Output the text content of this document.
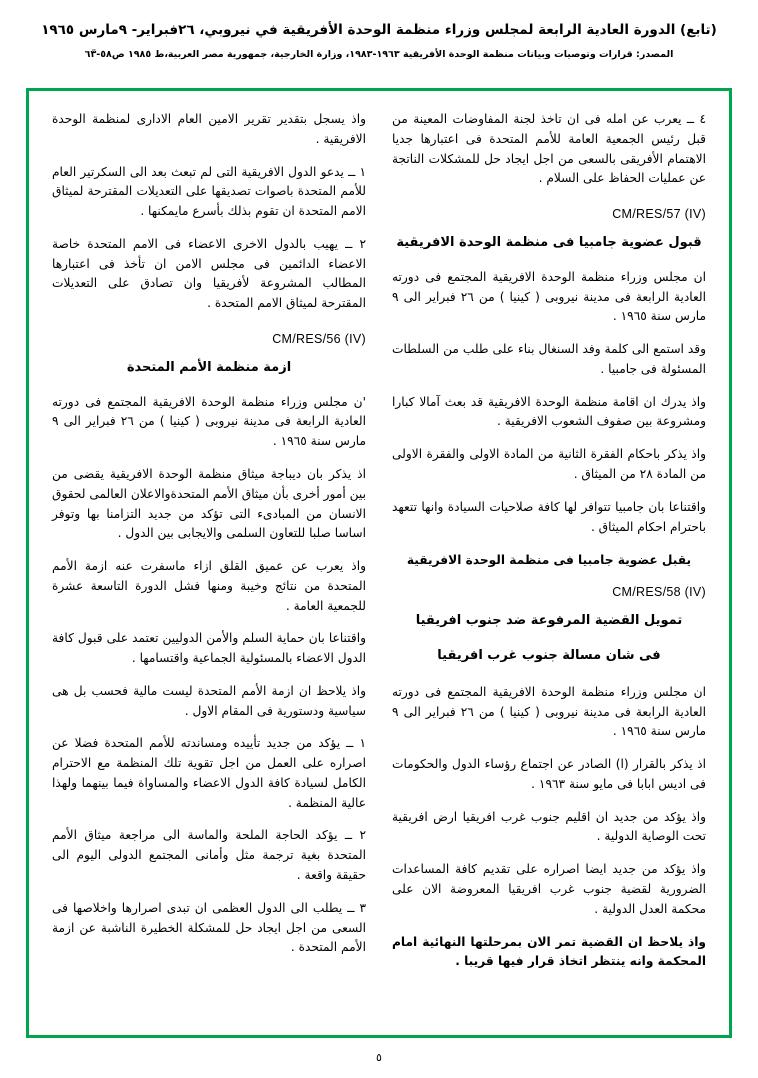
(تابع) الدورة العادية الرابعة لمجلس وزراء منظمة الوحدة الأفريقية في نيروبي، ٢٦فبراير- ٩مارس ١٩٦٥
المصدر: قرارات وتوصيات وبيانات منظمة الوحدة الأفريقية ١٩٦٣-١٩٨٣، وزارة الخارجية، جمهورية مصر العربية،ط ١٩٨٥ ص٥٨-٦٣̈

٤ ــ يعرب عن امله فى ان تاخذ لجنة المفاوضات المعينة من قبل رئيس الجمعية العامة للأمم المتحدة فى اعتبارها جديا الاهتمام الأفريقى بالسعى من اجل ايجاد حل للمشكلات الناتجة عن عمليات الحفاظ على السلام .

CM/RES/57 (IV)
قبول عضوية جامبيا فى منظمة الوحدة الافريقية

ان مجلس وزراء منظمة الوحدة الافريقية المجتمع فى دورته العادية الرابعة فى مدينة نيروبى ( كينيا ) من ٢٦ فبراير الى ٩ مارس سنة ١٩٦٥ .

وقد استمع الى كلمة وفد السنغال بناء على طلب من السلطات المسئولة فى جامبيا .

واذ يدرك ان اقامة منظمة الوحدة الافريقية قد بعث آمالا كبارا ومشروعة بين صفوف الشعوب الافريقية .

واذ يذكر باحكام الفقرة الثانية من المادة الاولى والفقرة الاولى من المادة ٢٨ من الميثاق .

واقتناعا بان جامبيا تتوافر لها كافة صلاحيات السيادة وانها تتعهد باحترام احكام الميثاق .

يقبل عضوية جامبيا فى منظمة الوحدة الافريقية
CM/RES/58 (IV)
تمويل القضية المرفوعة ضد جنوب افريقيا
فى شان مسالة جنوب غرب افريقيا

ان مجلس وزراء منظمة الوحدة الافريقية المجتمع فى دورته العادية الرابعة فى مدينة نيروبى ( كينيا ) من ٢٦ فبراير الى ٩ مارس سنة ١٩٦٥ .

اذ يذكر بالقرار (ا) الصادر عن اجتماع رؤساء الدول والحكومات فى اديس ابابا فى مايو سنة ١٩٦٣ .

واذ يؤكد من جديد ان اقليم جنوب غرب افريقيا ارض افريقية تحت الوصاية الدولية .

واذ يؤكد من جديد ايضا اصراره على تقديم كافة المساعدات الضرورية لقضية جنوب غرب افريقيا المعروضة الان على محكمة العدل الدولية .

واذ يلاحظ ان القضية تمر الان بمرحلتها النهائية امام المحكمة وانه ينتظر اتخاذ قرار فيها قريبا .

واذ يسجل بتقدير تقرير الامين العام الادارى لمنظمة الوحدة الافريقية .

١ ــ يدعو الدول الافريقية التى لم تبعث بعد الى السكرتير العام للأمم المتحدة باصوات تصديقها على التعديلات المقترحة لميثاق الامم المتحدة ان تقوم بذلك بأسرع مايمكنها .

٢ ــ يهيب بالدول الاخرى الاعضاء فى الامم المتحدة خاصة الاعضاء الدائمين فى مجلس الامن ان تأخذ فى اعتبارها المطالب المشروعة لأفريقيا وان تصادق على التعديلات المقترحة لميثاق الامم المتحدة .

CM/RES/56 (IV)
ازمة منظمة الأمم المتحدة

'ن مجلس وزراء منظمة الوحدة الافريقية المجتمع فى دورته العادية الرابعة فى مدينة نيروبى ( كينيا ) من ٢٦ فبراير الى ٩ مارس سنة ١٩٦٥ .

اذ يذكر بان ديباجة ميثاق منظمة الوحدة الافريقية يقضى من بين أمور أخرى بأن ميثاق الأمم المتحدةوالاعلان العالمى لحقوق الانسان من المبادىء التى تؤكد من جديد التزامنا بها وتوفر اساسا صلبا للتعاون السلمى والايجابى بين الدول .

واذ يعرب عن عميق القلق ازاء ماسفرت عنه ازمة الأمم المتحدة من نتائج وخيبة ومنها فشل الدورة التاسعة عشرة للجمعية العامة .

واقتناعا بان حماية السلم والأمن الدوليين تعتمد على قبول كافة الدول الاعضاء بالمسئولية الجماعية واقتسامها .

واذ يلاحظ ان ازمة الأمم المتحدة ليست مالية فحسب بل هى سياسية ودستورية فى المقام الاول .

١ ــ يؤكد من جديد تأييده ومساندته للأمم المتحدة فضلا عن اصراره على العمل من اجل تقوية تلك المنظمة مع الاحترام الكامل لسيادة كافة الدول الاعضاء والمساواة فيما بينهما ولهذا عالية المنظمة .

٢ ــ يؤكد الحاجة الملحة والماسة الى مراجعة ميثاق الأمم المتحدة بغية ترجمة مثل وأمانى المجتمع الدولى اليوم الى حقيقة واقعة .

٣ ــ يطلب الى الدول العظمى ان تبدى اصرارها واخلاصها فى السعى من اجل ايجاد حل للمشكلة الخطيرة الناشبة عن ازمة الأمم المتحدة .

٥
